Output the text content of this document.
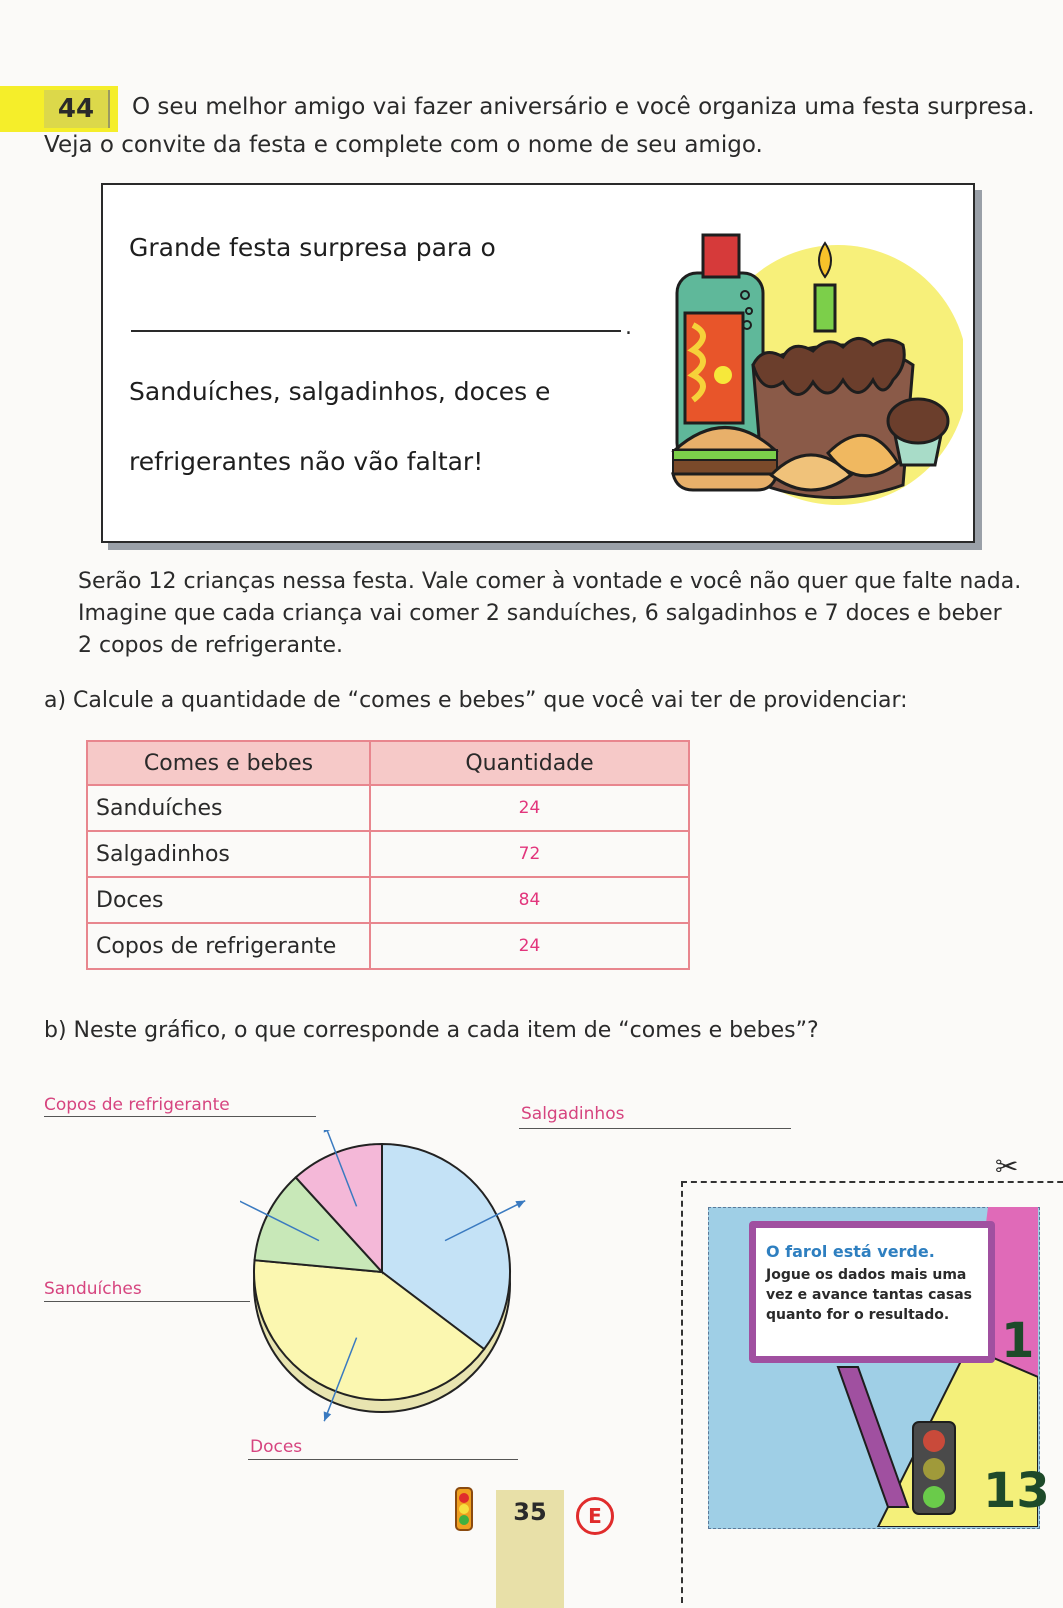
44	O seu melhor amigo vai fazer aniversário e você organiza uma festa surpresa.
Veja o convite da festa e complete com o nome de seu amigo.
Grande festa surpresa para o
.
Sanduíches, salgadinhos, doces e
refrigerantes não vão faltar!
Serão 12 crianças nessa festa. Vale comer à vontade e você não quer que falte nada.
Imagine que cada criança vai comer 2 sanduíches, 6 salgadinhos e 7 doces e beber
2 copos de refrigerante.
a) Calcule a quantidade de “comes e bebes” que você vai ter de providenciar:
Comes e bebes	Quantidade
Sanduíches	24
Salgadinhos	72
Doces	84
Copos de refrigerante	24
b) Neste gráfico, o que corresponde a cada item de “comes e bebes”?
Copos de refrigerante	Salgadinhos
Sanduíches
Doces
O farol está verde.
Jogue os dados mais uma
vez e avance tantas casas
quanto for o resultado.	1
13
✂
35	E
